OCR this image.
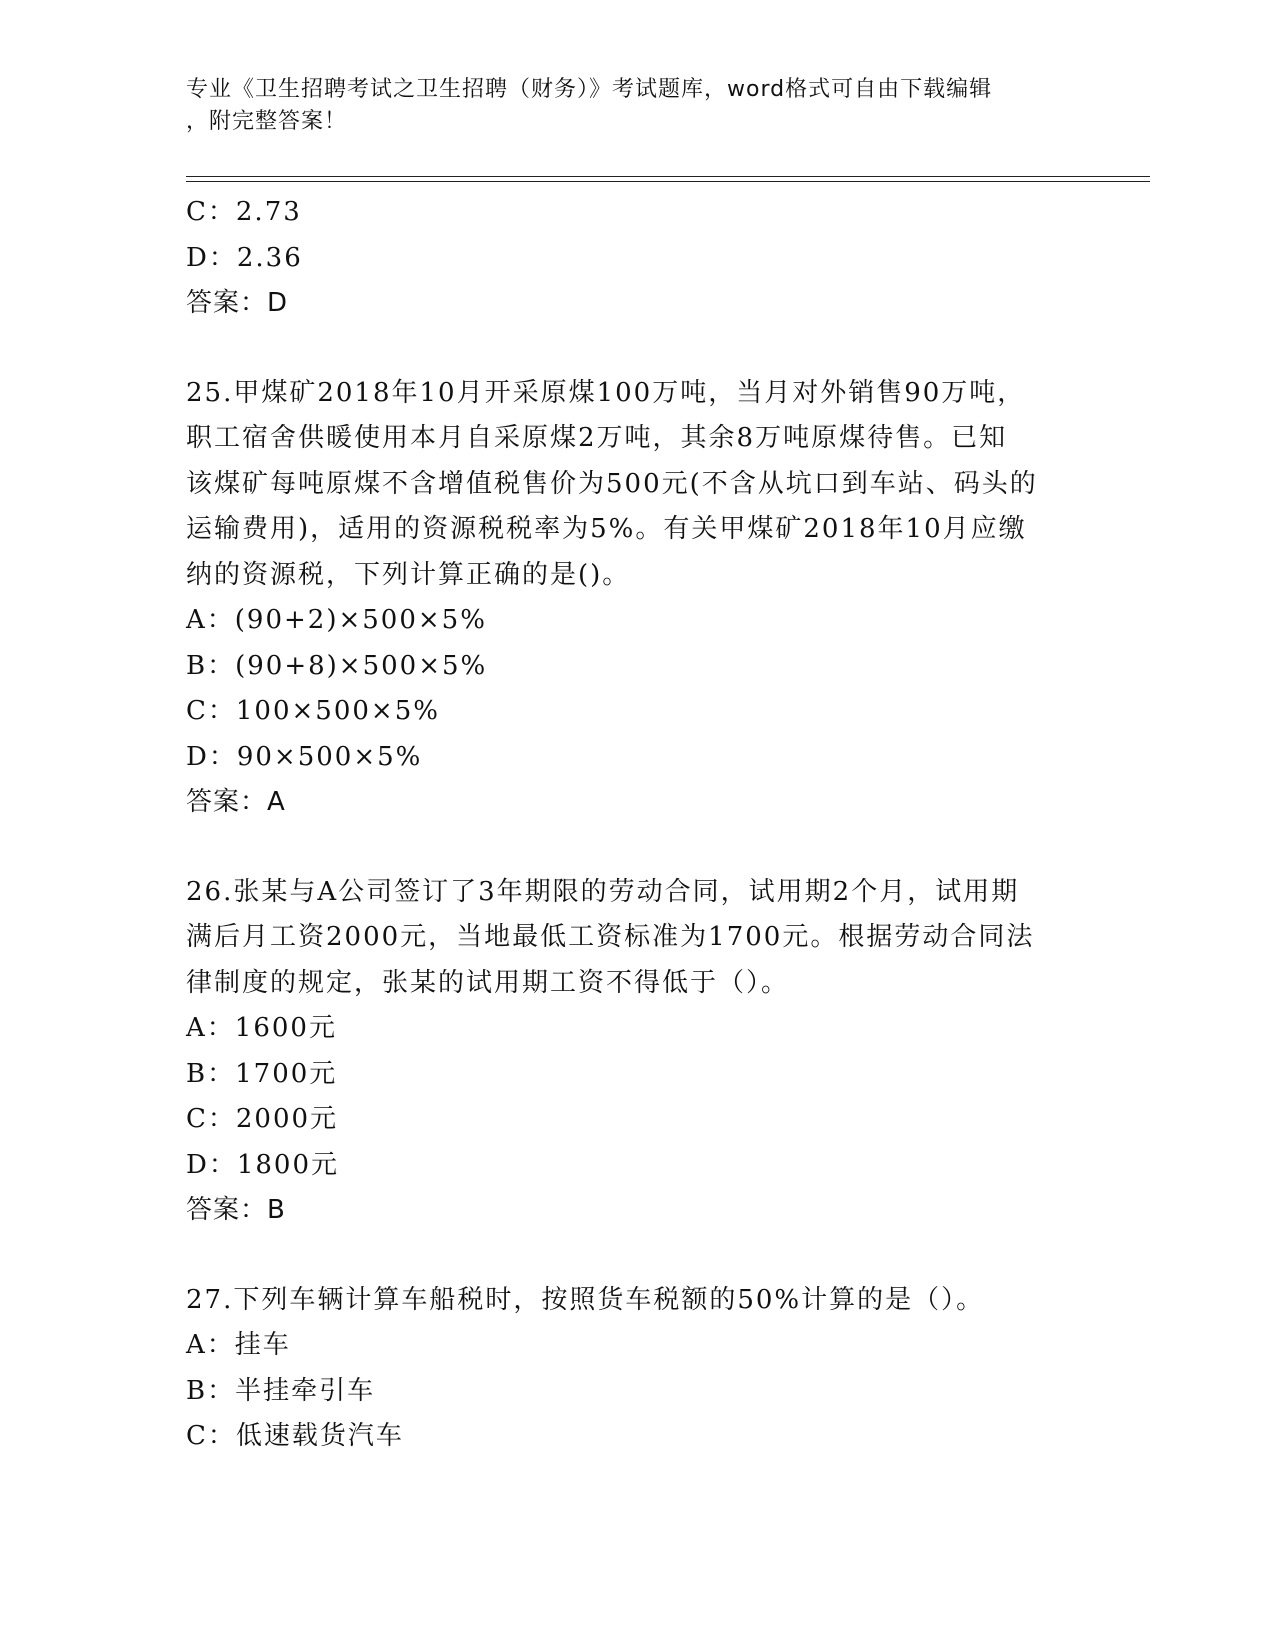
专业《卫生招聘考试之卫生招聘（财务）》考试题库，word格式可自由下载编辑
，附完整答案！
C：2.73
D：2.36
答案：D
25.甲煤矿2018年10月开采原煤100万吨，当月对外销售90万吨，
职工宿舍供暖使用本月自采原煤2万吨，其余8万吨原煤待售。已知
该煤矿每吨原煤不含增值税售价为500元(不含从坑口到车站、码头的
运输费用)，适用的资源税税率为5%。有关甲煤矿2018年10月应缴
纳的资源税，下列计算正确的是()。
A：(90+2)×500×5%
B：(90+8)×500×5%
C：100×500×5%
D：90×500×5%
答案：A
26.张某与A公司签订了3年期限的劳动合同，试用期2个月，试用期
满后月工资2000元，当地最低工资标准为1700元。根据劳动合同法
律制度的规定，张某的试用期工资不得低于（）。
A：1600元
B：1700元
C：2000元
D：1800元
答案：B
27.下列车辆计算车船税时，按照货车税额的50%计算的是（）。
A：挂车
B：半挂牵引车
C：低速载货汽车
